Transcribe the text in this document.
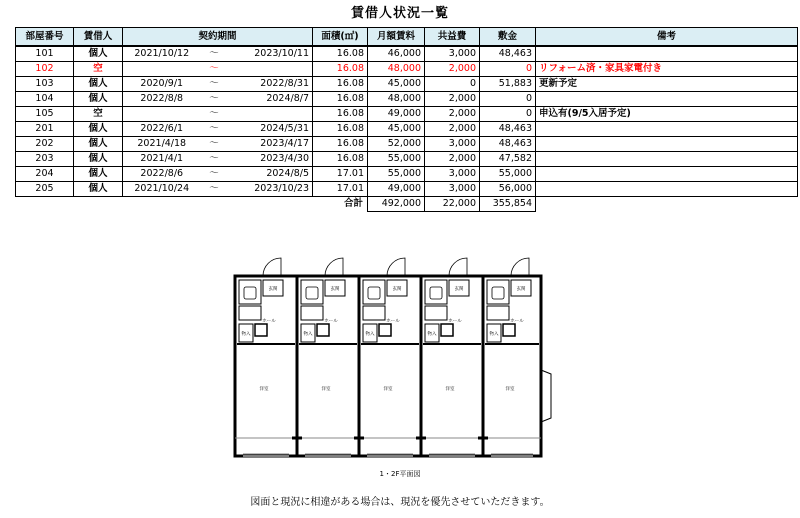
賃借人状況一覧
部屋番号	賃借人	契約期間			面積(㎡)	月額賃料	共益費	敷金	備考
101	個人	2021/10/12	〜	2023/10/11	16.08	46,000	3,000	48,463	
102	空		〜		16.08	48,000	2,000	0	リフォーム済・家具家電付き
103	個人	2020/9/1	〜	2022/8/31	16.08	45,000	0	51,883	更新予定
104	個人	2022/8/8	〜	2024/8/7	16.08	48,000	2,000	0	
105	空		〜		16.08	49,000	2,000	0	申込有(9/5入居予定)
201	個人	2022/6/1	〜	2024/5/31	16.08	45,000	2,000	48,463	
202	個人	2021/4/18	〜	2023/4/17	16.08	52,000	3,000	48,463	
203	個人	2021/4/1	〜	2023/4/30	16.08	55,000	2,000	47,582	
204	個人	2022/8/6	〜	2024/8/5	17.01	55,000	3,000	55,000	
205	個人	2021/10/24	〜	2023/10/23	17.01	49,000	3,000	56,000	
					合計	492,000	22,000	355,854	
玄関
ホール
物入
洋室
玄関
ホール
物入
洋室
玄関
ホール
物入
洋室
玄関
ホール
物入
洋室
玄関
ホール
物入
洋室
1・2F平面図
図面と現況に相違がある場合は、現況を優先させていただきます。
